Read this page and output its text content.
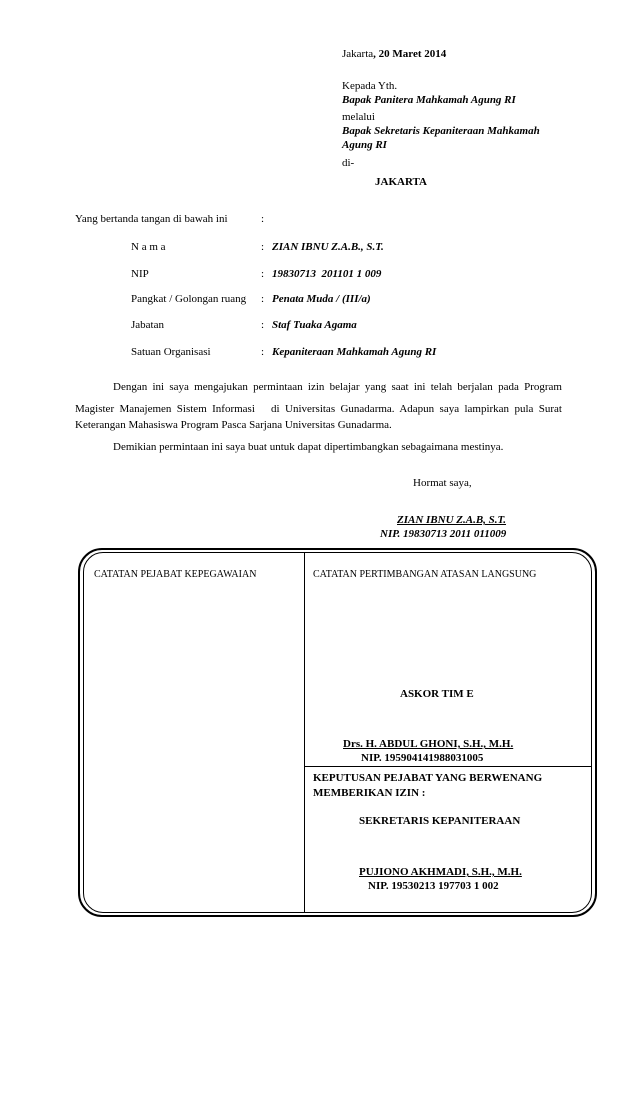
Jakarta, 20 Maret 2014
Kepada Yth.
Bapak Panitera Mahkamah Agung RI
melalui
Bapak Sekretaris Kepaniteraan Mahkamah
Agung RI
di-
JAKARTA
Yang bertanda tangan di bawah ini	:
N a m a	: ZIAN IBNU Z.A.B., S.T.
NIP	: 19830713  201101 1 009
Pangkat / Golongan ruang : Penata Muda / (III/a)
Jabatan	: Staf Tuaka Agama
Satuan Organisasi	: Kepaniteraan Mahkamah Agung RI
Dengan ini saya mengajukan permintaan izin belajar yang saat ini telah berjalan pada Program
Magister Manajemen Sistem Informasi   di Universitas Gunadarma. Adapun saya lampirkan pula Surat
Keterangan Mahasiswa Program Pasca Sarjana Universitas Gunadarma.
Demikian permintaan ini saya buat untuk dapat dipertimbangkan sebagaimana mestinya.
Hormat saya,
ZIAN IBNU Z.A.B, S.T.
NIP. 19830713 2011 011009
CATATAN PEJABAT KEPEGAWAIAN	CATATAN PERTIMBANGAN ATASAN LANGSUNG
ASKOR TIM E
Drs. H. ABDUL GHONI, S.H., M.H.
NIP. 195904141988031005
KEPUTUSAN PEJABAT YANG BERWENANG
MEMBERIKAN IZIN :
SEKRETARIS KEPANITERAAN
PUJIONO AKHMADI, S.H., M.H.
NIP. 19530213 197703 1 002
